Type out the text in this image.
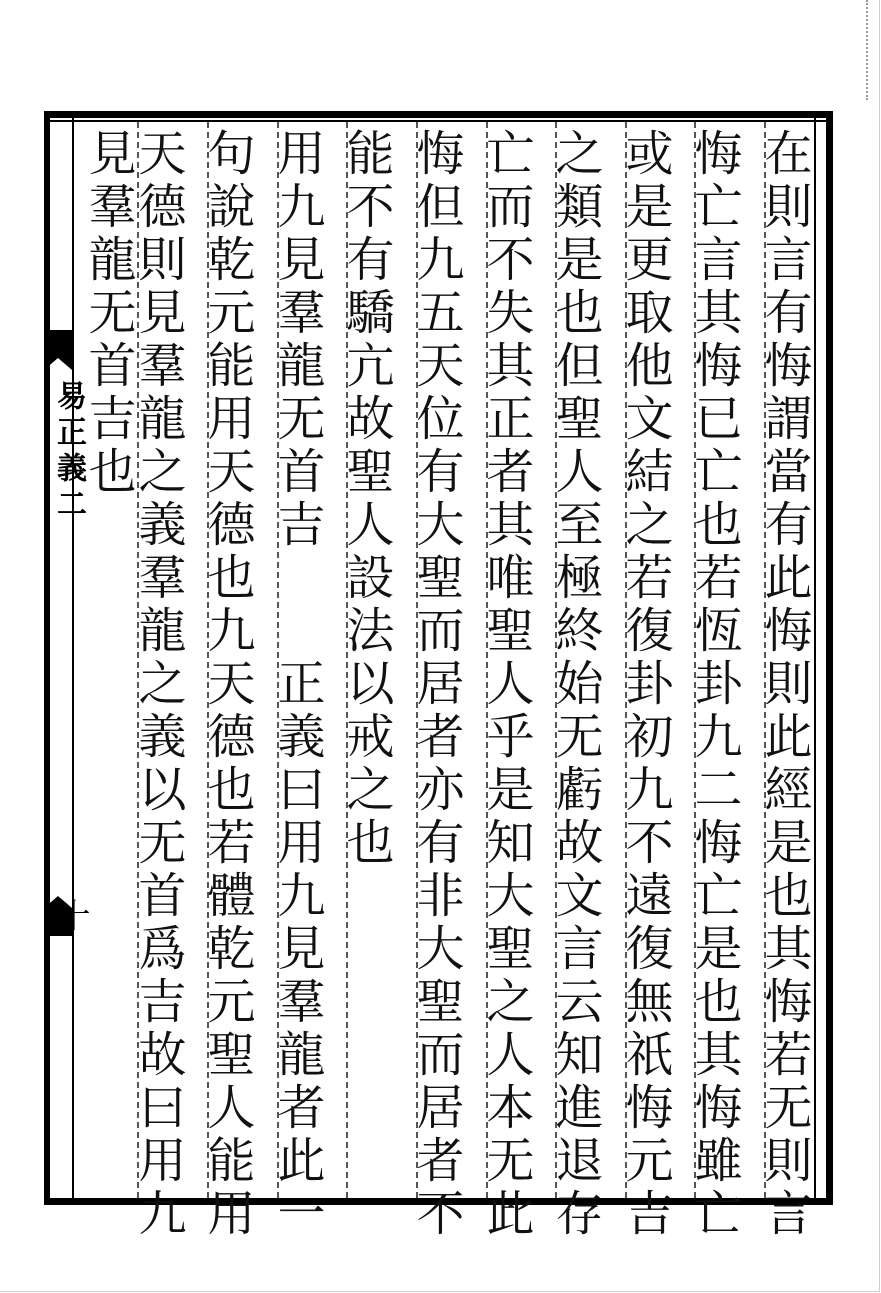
易正義二
十	在則言有悔謂當有此悔則此經是也其悔若无則言
悔亡言其悔已亡也若恆卦九二悔亡是也其悔雖亡
或是更取他文結之若復卦初九不遠復無祇悔元吉
之類是也但聖人至極終始无虧故文言云知進退存
亡而不失其正者其唯聖人乎是知大聖之人本无此
悔但九五天位有大聖而居者亦有非大聖而居者不
能不有驕亢故聖人設法以戒之也
用九見羣龍无首吉　　正義曰用九見羣龍者此一
句說乾元能用天德也九天德也若體乾元聖人能用
天德則見羣龍之義羣龍之義以无首爲吉故曰用九
見羣龍无首吉也
